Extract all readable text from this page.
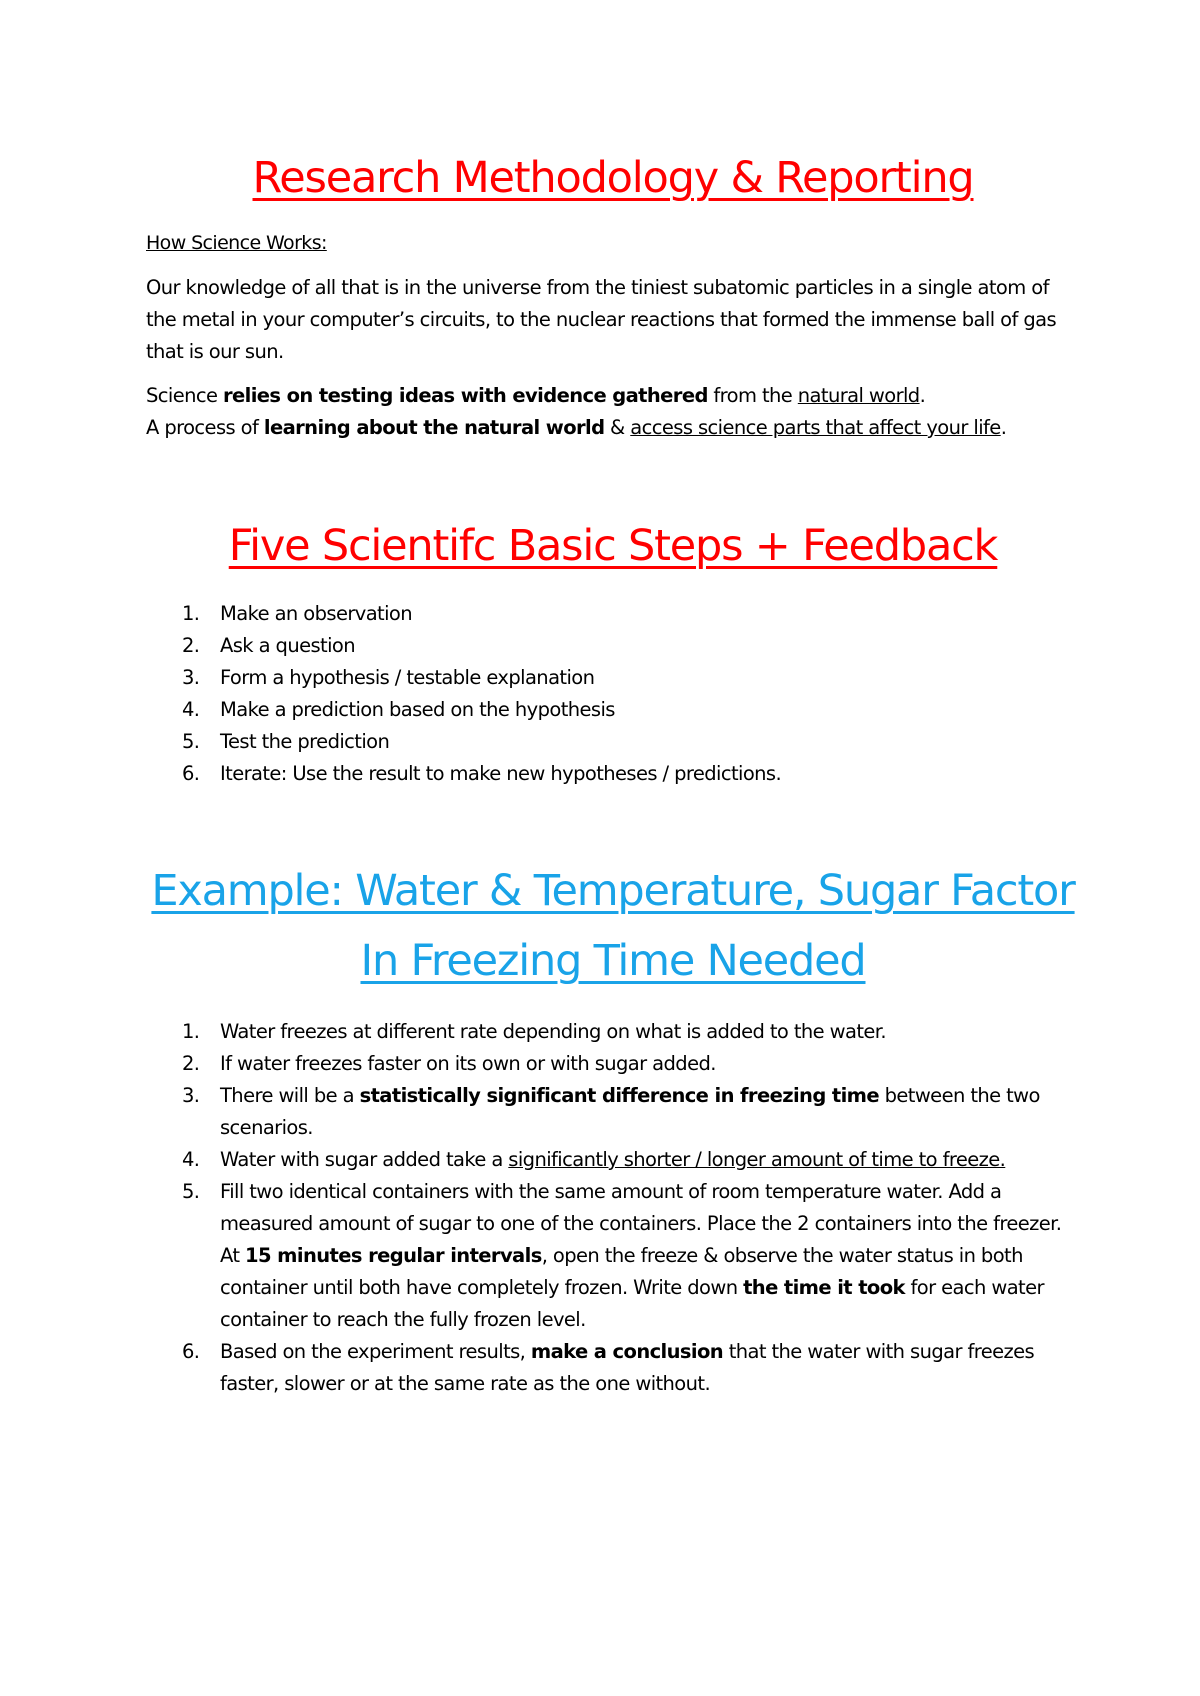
Research Methodology & Reporting
How Science Works:

Our knowledge of all that is in the universe from the tiniest subatomic particles in a single atom of the metal in your computer’s circuits, to the nuclear reactions that formed the immense ball of gas that is our sun.

Science relies on testing ideas with evidence gathered from the natural world.

A process of learning about the natural world & access science parts that affect your life.

Five Scientifc Basic Steps + Feedback
1. Make an observation
2. Ask a question
3. Form a hypothesis / testable explanation
4. Make a prediction based on the hypothesis
5. Test the prediction
6. Iterate: Use the result to make new hypotheses / predictions.
Example: Water & Temperature, Sugar Factor In Freezing Time Needed
1. Water freezes at different rate depending on what is added to the water.
2. If water freezes faster on its own or with sugar added.
3. There will be a statistically significant difference in freezing time between the two scenarios.
4. Water with sugar added take a significantly shorter / longer amount of time to freeze.
5. Fill two identical containers with the same amount of room temperature water. Add a measured amount of sugar to one of the containers. Place the 2 containers into the freezer. At 15 minutes regular intervals, open the freeze & observe the water status in both container until both have completely frozen. Write down the time it took for each water container to reach the fully frozen level.
6. Based on the experiment results, make a conclusion that the water with sugar freezes faster, slower or at the same rate as the one without.
